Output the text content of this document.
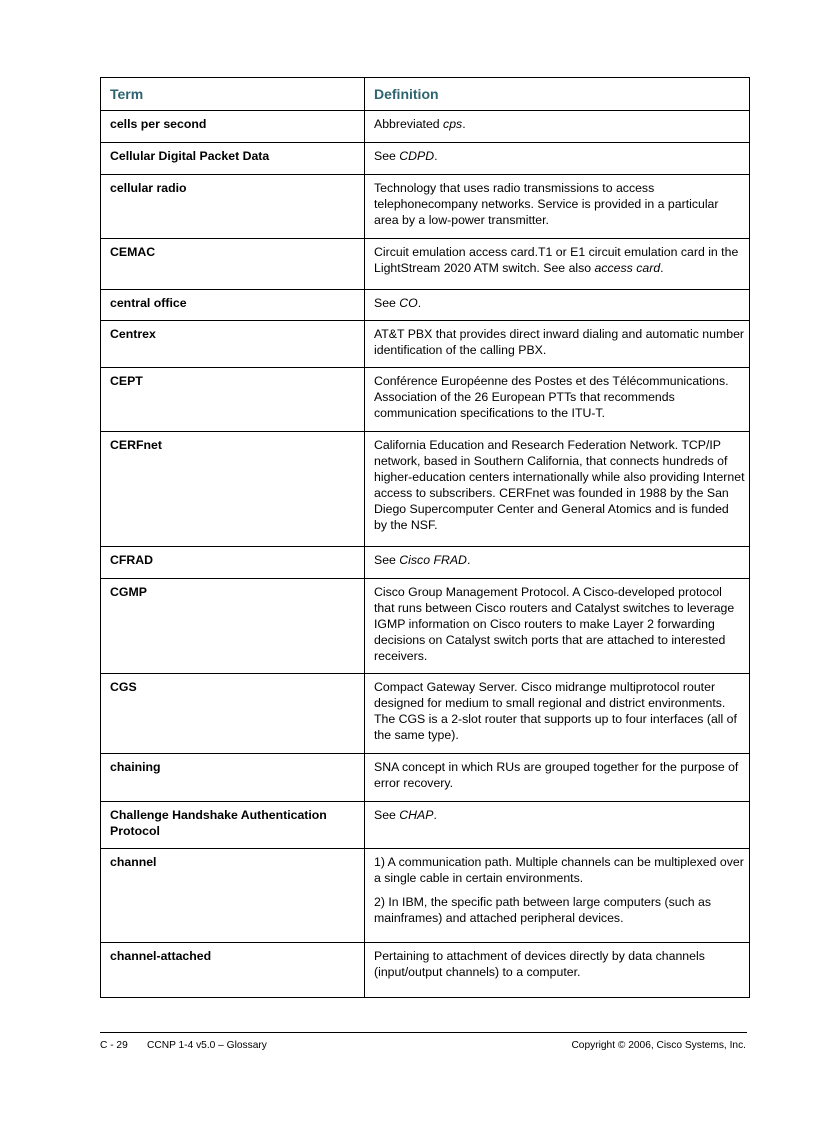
Term	Definition
cells per second	Abbreviated cps.

Cellular Digital Packet Data	See CDPD.

cellular radio	Technology that uses radio transmissions to access telephonecompany networks. Service is provided in a particular area by a low-power transmitter.

CEMAC	Circuit emulation access card.T1 or E1 circuit emulation card in the LightStream 2020 ATM switch. See also access card.

central office	See CO.

Centrex	AT&T PBX that provides direct inward dialing and automatic number identification of the calling PBX.

CEPT	Conférence Européenne des Postes et des Télécommunications. Association of the 26 European PTTs that recommends communication specifications to the ITU-T.

CERFnet	California Education and Research Federation Network. TCP/IP network, based in Southern California, that connects hundreds of higher-education centers internationally while also providing Internet access to subscribers. CERFnet was founded in 1988 by the San Diego Supercomputer Center and General Atomics and is funded by the NSF.

CFRAD	See Cisco FRAD.

CGMP	Cisco Group Management Protocol. A Cisco-developed protocol that runs between Cisco routers and Catalyst switches to leverage IGMP information on Cisco routers to make Layer 2 forwarding decisions on Catalyst switch ports that are attached to interested receivers.

CGS	Compact Gateway Server. Cisco midrange multiprotocol router designed for medium to small regional and district environments. The CGS is a 2-slot router that supports up to four interfaces (all of the same type).

chaining	SNA concept in which RUs are grouped together for the purpose of error recovery.

Challenge Handshake Authentication Protocol	See CHAP.

channel	1) A communication path. Multiple channels can be multiplexed over a single cable in certain environments.

2) In IBM, the specific path between large computers (such as mainframes) and attached peripheral devices.

channel-attached	Pertaining to attachment of devices directly by data channels (input/output channels) to a computer.

C - 29 CCNP 1-4 v5.0 – Glossary	Copyright © 2006, Cisco Systems, Inc.
